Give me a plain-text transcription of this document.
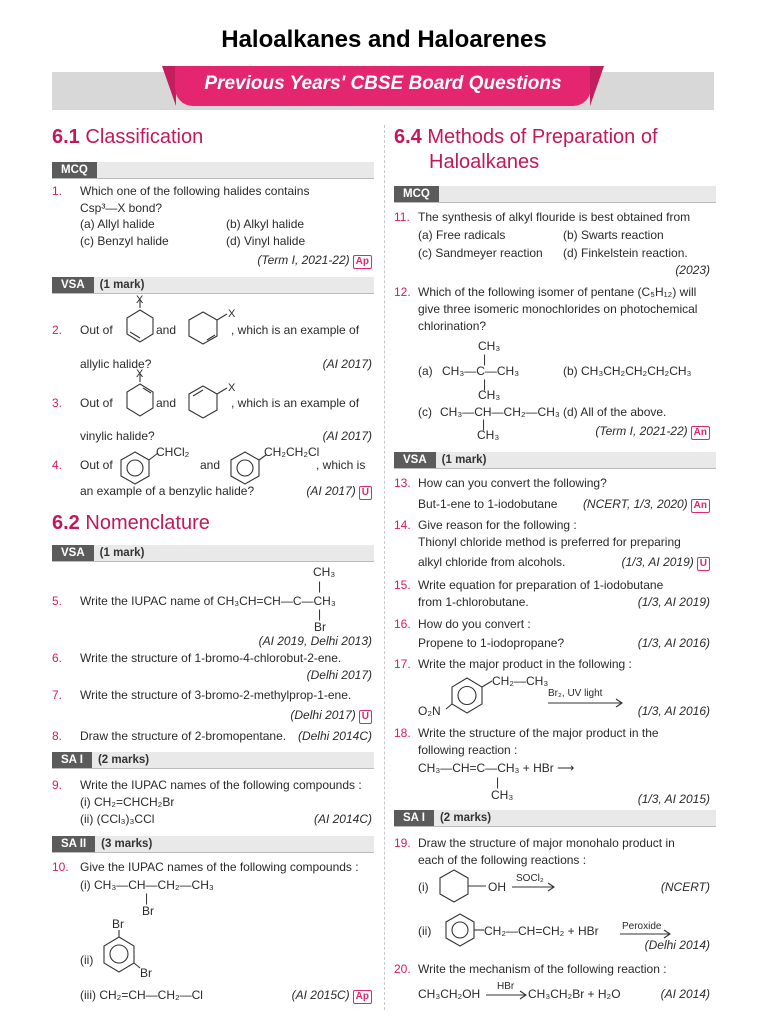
Haloalkanes and Haloarenes
Previous Years' CBSE Board Questions
6.1 Classification
MCQ
1. Which one of the following halides contains
Csp³—X bond?
(a) Allyl halide	(b) Alkyl halide
(c) Benzyl halide	(d) Vinyl halide
(Term I, 2021-22) Ap
VSA (1 mark)
2. Out of
X
and
X
, which is an example of
allylic halide?	(AI 2017)
3. Out of
X
and
X
, which is an example of
vinylic halide?	(AI 2017)
4. Out of
CHCl₂
and
CH₂CH₂Cl
, which is
an example of a benzylic halide?	(AI 2017) U
6.2 Nomenclature
VSA (1 mark)
CH₃
|
5. Write the IUPAC name of CH₃CH=CH—C—CH₃
|
Br
(AI 2019, Delhi 2013)
6. Write the structure of 1-bromo-4-chlorobut-2-ene.
(Delhi 2017)
7. Write the structure of 3-bromo-2-methylprop-1-ene.
(Delhi 2017) U
8. Draw the structure of 2-bromopentane. (Delhi 2014C)
SA I (2 marks)
9. Write the IUPAC names of the following compounds :
(i) CH₂=CHCH₂Br
(ii) (CCl₃)₃CCl	(AI 2014C)
SA II (3 marks)
10. Give the IUPAC names of the following compounds :
(i) CH₃—CH—CH₂—CH₃
|
Br
Br
(ii)
Br
(iii) CH₂=CH—CH₂—Cl	(AI 2015C) Ap
6.4 Methods of Preparation of
Haloalkanes
MCQ
11. The synthesis of alkyl flouride is best obtained from
(a) Free radicals	(b) Swarts reaction
(c) Sandmeyer reaction (d) Finkelstein reaction.
(2023)
12. Which of the following isomer of pentane (C₅H₁₂) will
give three isomeric monochlorides on photochemical
chlorination?
CH₃
|
(a) CH₃—C—CH₃	(b) CH₃CH₂CH₂CH₂CH₃
|
CH₃
(c) CH₃—CH—CH₂—CH₃ (d) All of the above.
|
CH₃	(Term I, 2021-22) An
VSA (1 mark)
13. How can you convert the following?
But-1-ene to 1-iodobutane (NCERT, 1/3, 2020) An
14. Give reason for the following :
Thionyl chloride method is preferred for preparing
alkyl chloride from alcohols.	(1/3, AI 2019) U
15. Write equation for preparation of 1-iodobutane
from 1-chlorobutane.	(1/3, AI 2019)
16. How do you convert :
Propene to 1-iodopropane?	(1/3, AI 2016)
17. Write the major product in the following :
CH₂—CH₃
Br₂, UV light
O₂N	(1/3, AI 2016)
18. Write the structure of the major product in the
following reaction :
CH₃—CH=C—CH₃ + HBr ⟶
|
CH₃	(1/3, AI 2015)
SA I (2 marks)
19. Draw the structure of major monohalo product in
each of the following reactions :
(i)	OH
SOCl₂
(NCERT)
(ii)	CH₂—CH=CH₂ + HBr Peroxide
(Delhi 2014)
20. Write the mechanism of the following reaction :
CH₃CH₂OH
HBr
→ CH₃CH₂Br + H₂O	(AI 2014)
